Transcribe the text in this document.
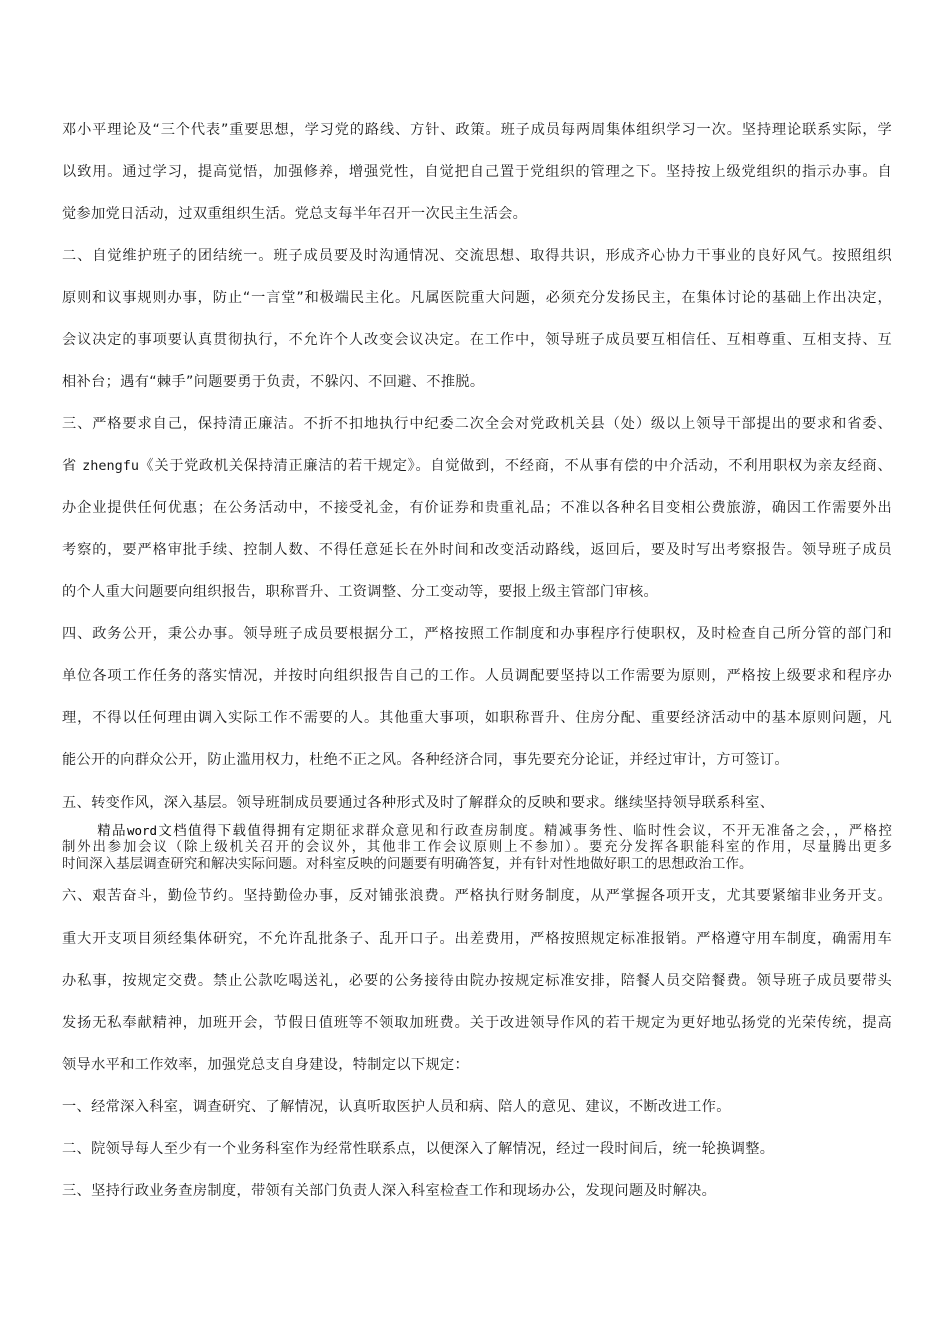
邓小平理论及“三个代表”重要思想，学习党的路线、方针、政策。班子成员每两周集体组织学习一次。坚持理论联系实际，学
以致用。通过学习，提高觉悟，加强修养，增强党性，自觉把自己置于党组织的管理之下。坚持按上级党组织的指示办事。自
觉参加党日活动，过双重组织生活。党总支每半年召开一次民主生活会。
二、自觉维护班子的团结统一。班子成员要及时沟通情况、交流思想、取得共识，形成齐心协力干事业的良好风气。按照组织
原则和议事规则办事，防止“一言堂”和极端民主化。凡属医院重大问题，必须充分发扬民主，在集体讨论的基础上作出决定，
会议决定的事项要认真贯彻执行，不允许个人改变会议决定。在工作中，领导班子成员要互相信任、互相尊重、互相支持、互
相补台；遇有“棘手”问题要勇于负责，不躲闪、不回避、不推脱。
三、严格要求自己，保持清正廉洁。不折不扣地执行中纪委二次全会对党政机关县（处）级以上领导干部提出的要求和省委、
省 zhengfu《关于党政机关保持清正廉洁的若干规定》。自觉做到，不经商，不从事有偿的中介活动，不利用职权为亲友经商、
办企业提供任何优惠；在公务活动中，不接受礼金，有价证券和贵重礼品；不准以各种名目变相公费旅游，确因工作需要外出
考察的，要严格审批手续、控制人数、不得任意延长在外时间和改变活动路线，返回后，要及时写出考察报告。领导班子成员
的个人重大问题要向组织报告，职称晋升、工资调整、分工变动等，要报上级主管部门审核。
四、政务公开，秉公办事。领导班子成员要根据分工，严格按照工作制度和办事程序行使职权，及时检查自己所分管的部门和
单位各项工作任务的落实情况，并按时向组织报告自己的工作。人员调配要坚持以工作需要为原则，严格按上级要求和程序办
理，不得以任何理由调入实际工作不需要的人。其他重大事项，如职称晋升、住房分配、重要经济活动中的基本原则问题，凡
能公开的向群众公开，防止滥用权力，杜绝不正之风。各种经济合同，事先要充分论证，并经过审计，方可签订。
五、转变作风，深入基层。领导班制成员要通过各种形式及时了解群众的反映和要求。继续坚持领导联系科室、
精品word文档值得下载值得拥有定期征求群众意见和行政查房制度。精减事务性、临时性会议，不开无准备之会，，严格控
制外出参加会议（除上级机关召开的会议外，其他非工作会议原则上不参加）。要充分发挥各职能科室的作用，尽量腾出更多
时间深入基层调查研究和解决实际问题。对科室反映的问题要有明确答复，并有针对性地做好职工的思想政治工作。
六、艰苦奋斗，勤俭节约。坚持勤俭办事，反对铺张浪费。严格执行财务制度，从严掌握各项开支，尤其要紧缩非业务开支。
重大开支项目须经集体研究，不允许乱批条子、乱开口子。出差费用，严格按照规定标准报销。严格遵守用车制度，确需用车
办私事，按规定交费。禁止公款吃喝送礼，必要的公务接待由院办按规定标准安排，陪餐人员交陪餐费。领导班子成员要带头
发扬无私奉献精神，加班开会，节假日值班等不领取加班费。关于改进领导作风的若干规定为更好地弘扬党的光荣传统，提高
领导水平和工作效率，加强党总支自身建设，特制定以下规定：
一、经常深入科室，调查研究、了解情况，认真听取医护人员和病、陪人的意见、建议，不断改进工作。
二、院领导每人至少有一个业务科室作为经常性联系点，以便深入了解情况，经过一段时间后，统一轮换调整。
三、坚持行政业务查房制度，带领有关部门负责人深入科室检查工作和现场办公，发现问题及时解决。
